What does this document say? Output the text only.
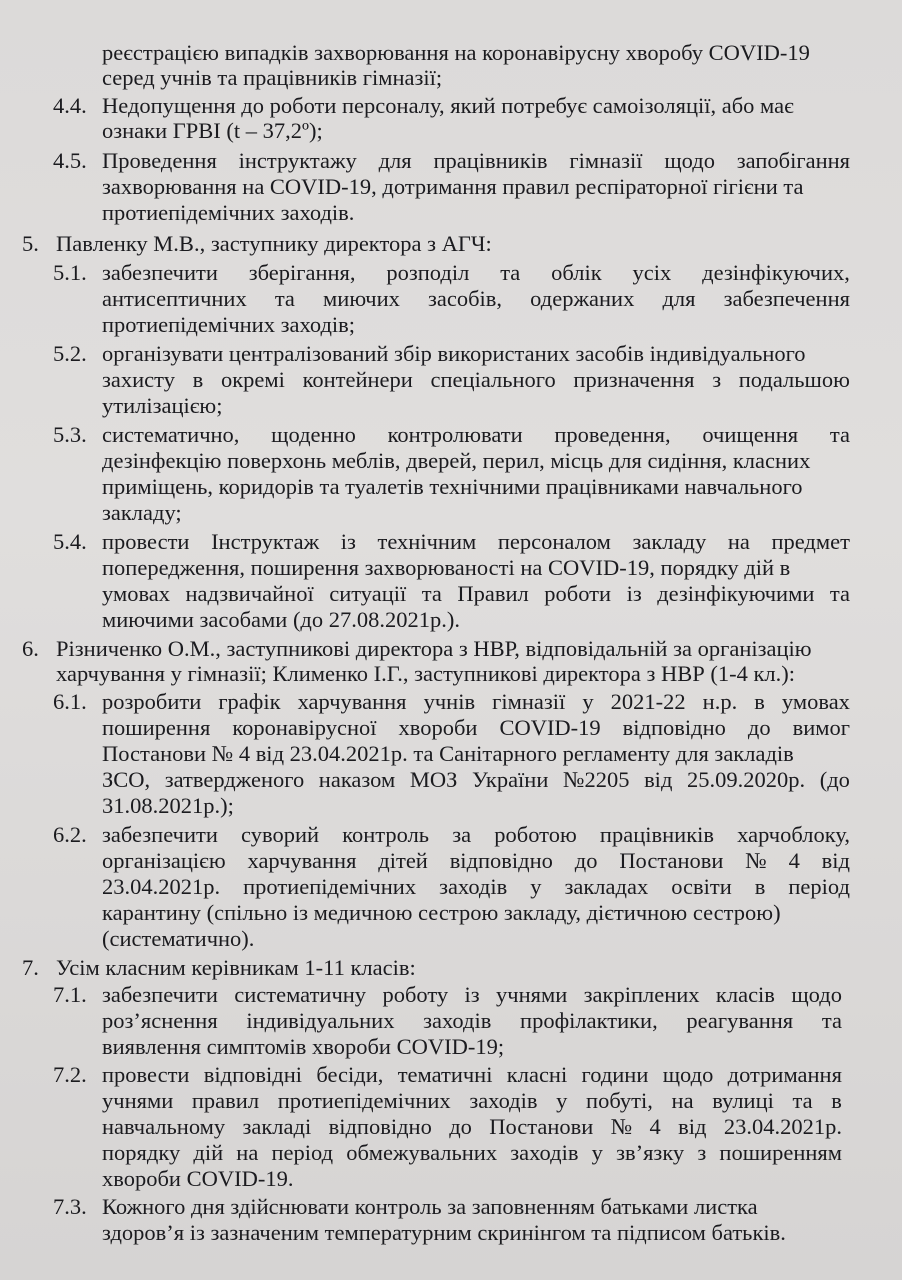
реєстрацією випадків захворювання на коронавірусну хворобу COVID-19
серед учнів та працівників гімназії;
4.4. Недопущення до роботи персоналу, який потребує самоізоляції, або має
ознаки ГРВІ (t – 37,2º);
4.5. Проведення інструктажу для працівників гімназії щодо запобігання
захворювання на COVID-19, дотримання правил респіраторної гігієни та
протиепідемічних заходів.
5. Павленку М.В., заступнику директора з АГЧ:
5.1. забезпечити зберігання, розподіл та облік усіх дезінфікуючих,
антисептичних та миючих засобів, одержаних для забезпечення
протиепідемічних заходів;
5.2. організувати централізований збір використаних засобів індивідуального
захисту в окремі контейнери спеціального призначення з подальшою
утилізацією;
5.3. систематично, щоденно контролювати проведення, очищення та
дезінфекцію поверхонь меблів, дверей, перил, місць для сидіння, класних
приміщень, коридорів та туалетів технічними працівниками навчального
закладу;
5.4. провести Інструктаж із технічним персоналом закладу на предмет
попередження, поширення захворюваності на COVID-19, порядку дій в
умовах надзвичайної ситуації та Правил роботи із дезінфікуючими та
миючими засобами (до 27.08.2021р.).
6. Різниченко О.М., заступникові директора з НВР, відповідальній за організацію
харчування у гімназії; Клименко І.Г., заступникові директора з НВР (1-4 кл.):
6.1. розробити графік харчування учнів гімназії у 2021-22 н.р. в умовах
поширення коронавірусної хвороби COVID-19 відповідно до вимог
Постанови № 4 від 23.04.2021р. та Санітарного регламенту для закладів
ЗСО, затвердженого наказом МОЗ України №2205 від 25.09.2020р. (до
31.08.2021р.);
6.2. забезпечити суворий контроль за роботою працівників харчоблоку,
організацією харчування дітей відповідно до Постанови № 4 від
23.04.2021р. протиепідемічних заходів у закладах освіти в період
карантину (спільно із медичною сестрою закладу, дієтичною сестрою)
(систематично).
7. Усім класним керівникам 1-11 класів:
7.1. забезпечити систематичну роботу із учнями закріплених класів щодо
роз’яснення індивідуальних заходів профілактики, реагування та
виявлення симптомів хвороби COVID-19;
7.2. провести відповідні бесіди, тематичні класні години щодо дотримання
учнями правил протиепідемічних заходів у побуті, на вулиці та в
навчальному закладі відповідно до Постанови № 4 від 23.04.2021р.
порядку дій на період обмежувальних заходів у зв’язку з поширенням
хвороби COVID-19.
7.3. Кожного дня здійснювати контроль за заповненням батьками листка
здоров’я із зазначеним температурним скринінгом та підписом батьків.
